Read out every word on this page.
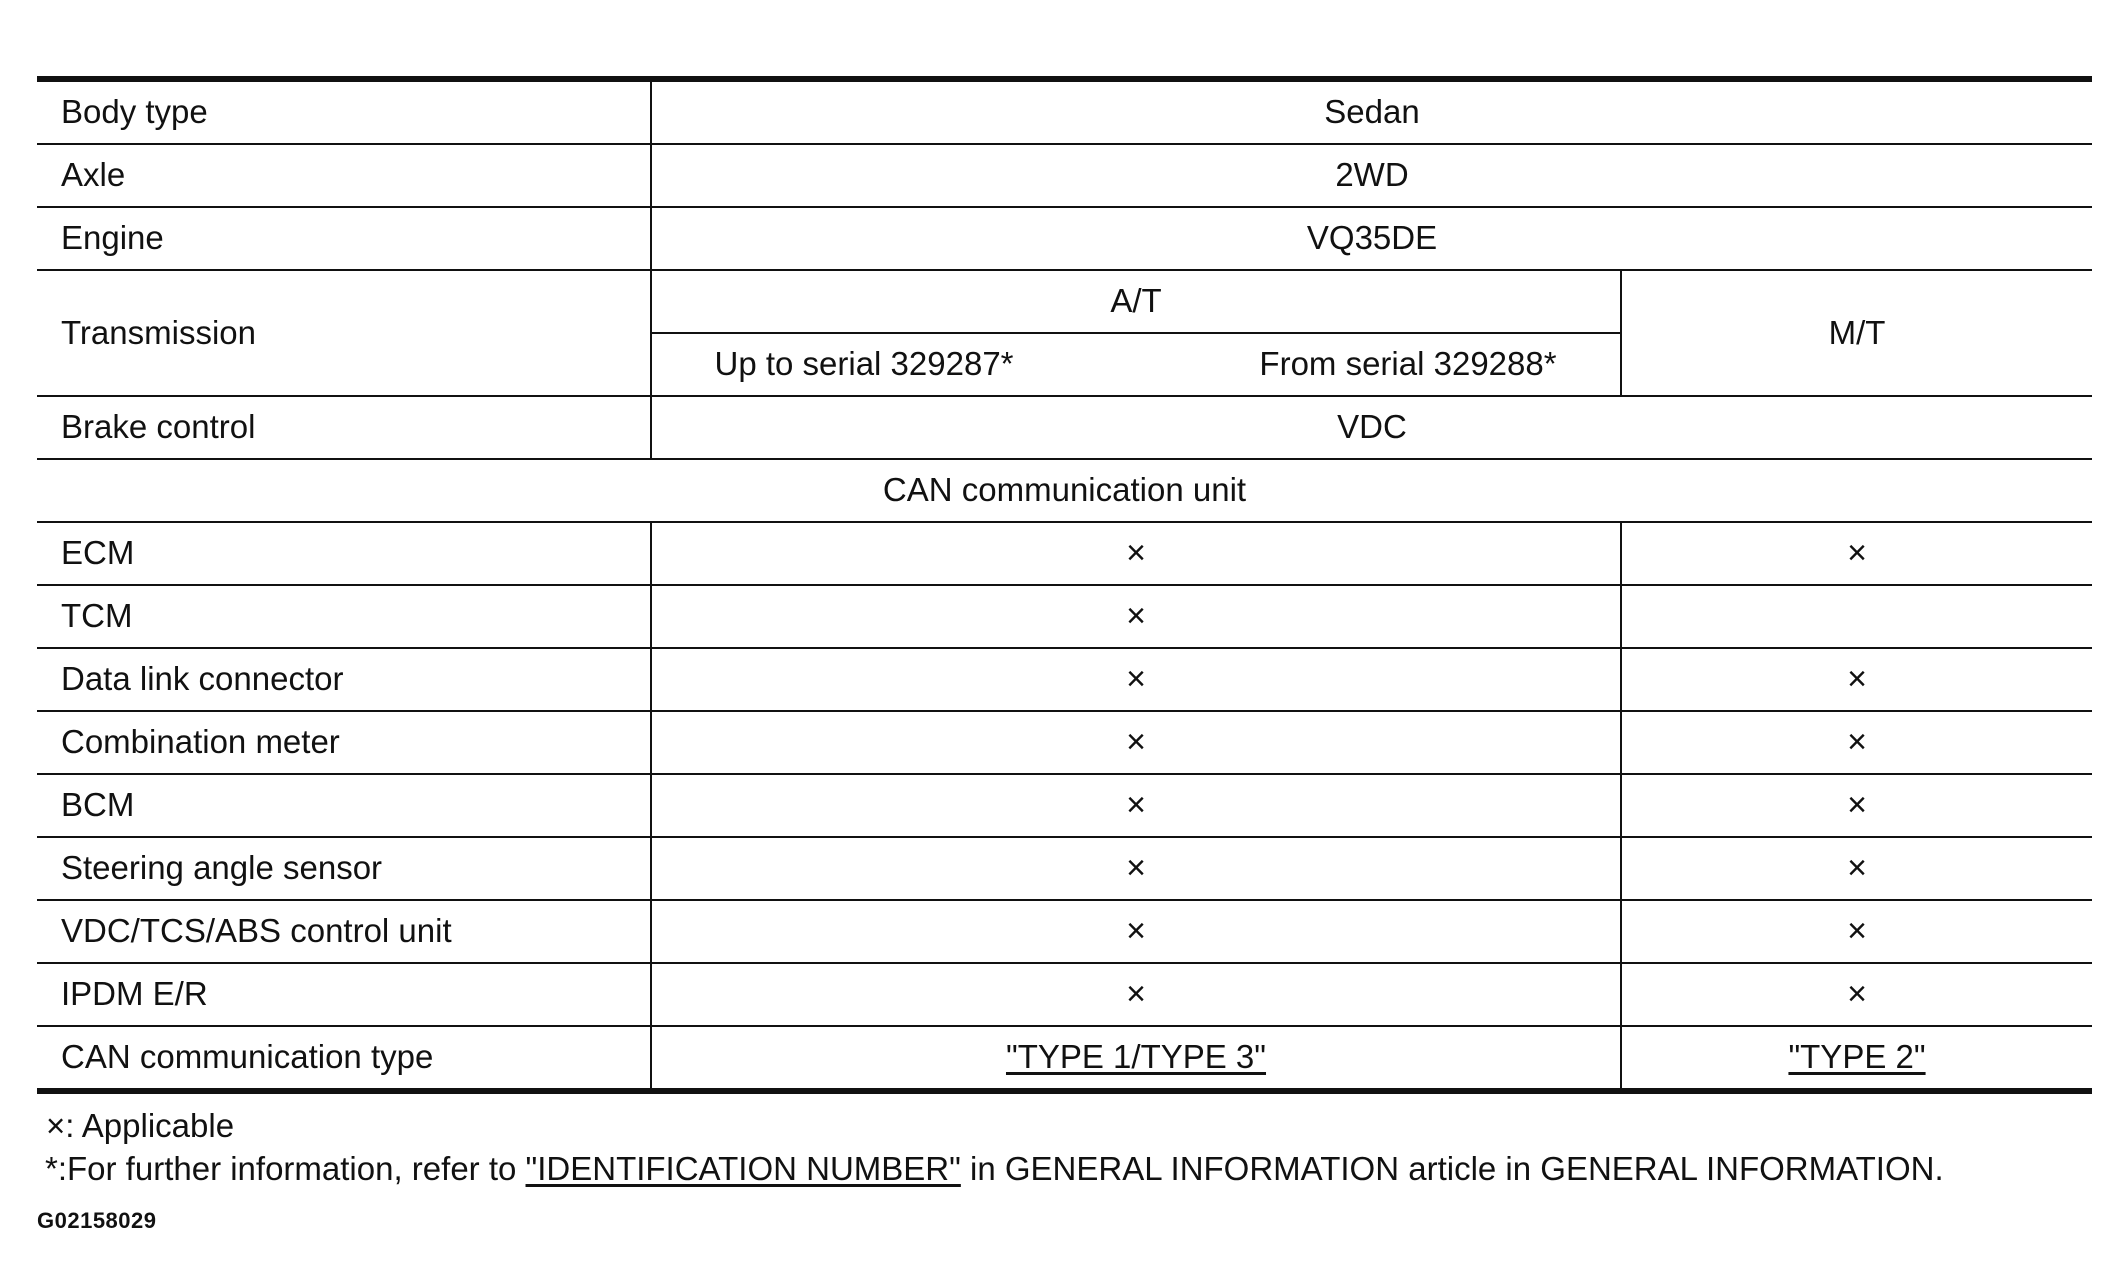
Body type	Sedan		
Axle	2WD		
Engine	VQ35DE		
Transmission	A/T		M/T
	Up to serial 329287*	From serial 329288*	
Brake control	VDC		
CAN communication unit			
ECM	×		×
TCM	×		
Data link connector	×		×
Combination meter	×		×
BCM	×		×
Steering angle sensor	×		×
VDC/TCS/ABS control unit	×		×
IPDM E/R	×		×
CAN communication type	"TYPE 1/TYPE 3"		"TYPE 2"
×: Applicable
*:For further information, refer to "IDENTIFICATION NUMBER" in GENERAL INFORMATION article in GENERAL INFORMATION.
G02158029
